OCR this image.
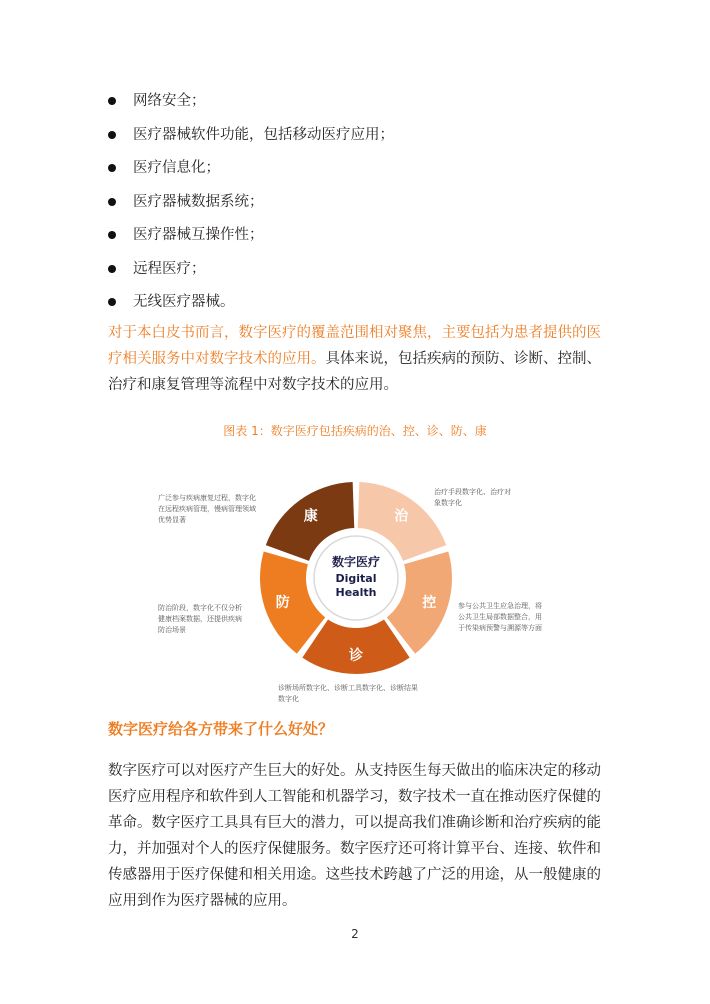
网络安全；
医疗器械软件功能，包括移动医疗应用；
医疗信息化；
医疗器械数据系统；
医疗器械互操作性；
远程医疗；
无线医疗器械。

对于本白皮书而言，数字医疗的覆盖范围相对聚焦，主要包括为患者提供的医疗相关服务中对数字技术的应用。具体来说，包括疾病的预防、诊断、控制、治疗和康复管理等流程中对数字技术的应用。

图表 1：数字医疗包括疾病的治、控、诊、防、康
治
治疗手段数字化、治疗对
象数字化
控	参与公共卫生应急治理，将
公共卫生局部数据整合，用
于传染病预警与溯源等方面
诊
诊断场所数字化、诊断工具数字化、诊断结果
数字化
防
防治阶段，数字化不仅分析
健康档案数据，还提供疾病
防治场景
康
广泛参与疾病康复过程，数字化
在远程疾病管理，慢病管理领域
优势显著
数字医疗
Digital
Health
数字医疗给各方带来了什么好处？

数字医疗可以对医疗产生巨大的好处。从支持医生每天做出的临床决定的移动医疗应用程序和软件到人工智能和机器学习，数字技术一直在推动医疗保健的革命。数字医疗工具具有巨大的潜力，可以提高我们准确诊断和治疗疾病的能力，并加强对个人的医疗保健服务。数字医疗还可将计算平台、连接、软件和传感器用于医疗保健和相关用途。这些技术跨越了广泛的用途，从一般健康的应用到作为医疗器械的应用。

2
